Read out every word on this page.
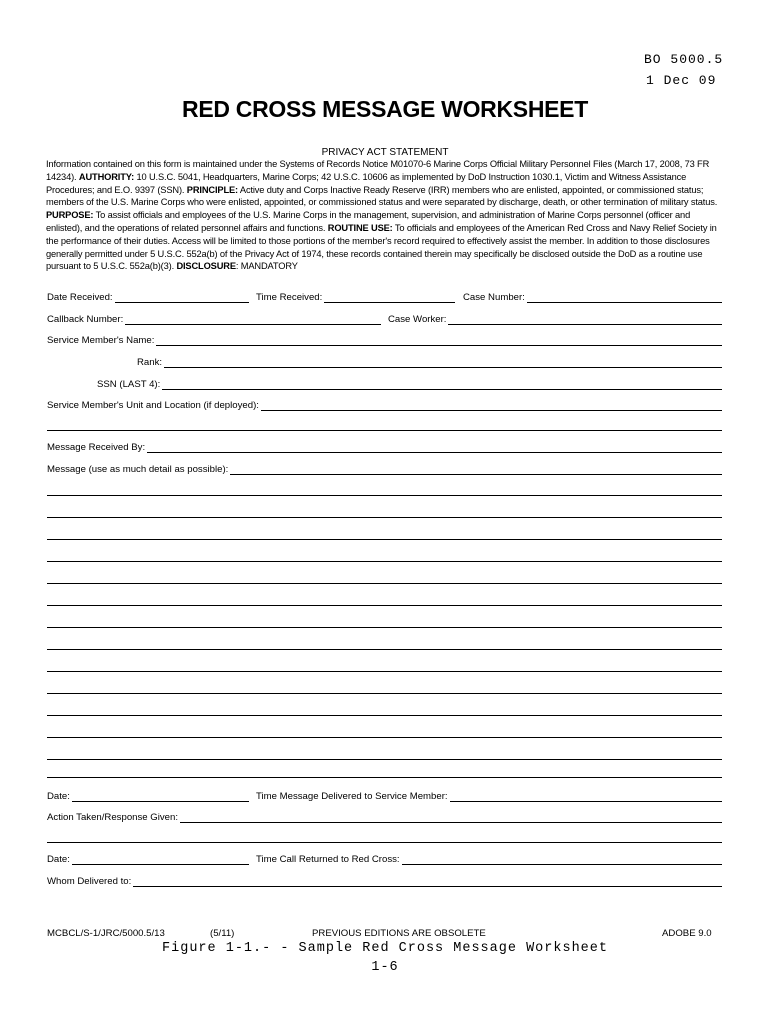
BO 5000.5
1 Dec 09
RED CROSS MESSAGE WORKSHEET
PRIVACY ACT STATEMENT
Information contained on this form is maintained under the Systems of Records Notice M01070-6 Marine Corps Official Military Personnel Files (March 17, 2008, 73 FR 14234). AUTHORITY: 10 U.S.C. 5041, Headquarters, Marine Corps; 42 U.S.C. 10606 as implemented by DoD Instruction 1030.1, Victim and Witness Assistance Procedures; and E.O. 9397 (SSN). PRINCIPLE: Active duty and Corps Inactive Ready Reserve (IRR) members who are enlisted, appointed, or commissioned status; members of the U.S. Marine Corps who were enlisted, appointed, or commissioned status and were separated by discharge, death, or other termination of military status. PURPOSE: To assist officials and employees of the U.S. Marine Corps in the management, supervision, and administration of Marine Corps personnel (officer and enlisted), and the operations of related personnel affairs and functions. ROUTINE USE: To officials and employees of the American Red Cross and Navy Relief Society in the performance of their duties. Access will be limited to those portions of the member's record required to effectively assist the member. In addition to those disclosures generally permitted under 5 U.S.C. 552a(b) of the Privacy Act of 1974, these records contained therein may specifically be disclosed outside the DoD as a routine use pursuant to 5 U.S.C. 552a(b)(3). DISCLOSURE: MANDATORY
Date Received:	Time Received:	Case Number:
Callback Number:	Case Worker:
Service Member's Name:
Rank:
SSN (LAST 4):
Service Member's Unit and Location (if deployed):
Message Received By:
Message (use as much detail as possible):
Date:	Time Message Delivered to Service Member:
Action Taken/Response Given:
Date:	Time Call Returned to Red Cross:
Whom Delivered to:
MCBCL/S-1/JRC/5000.5/13	(5/11)	PREVIOUS EDITIONS ARE OBSOLETE	ADOBE 9.0
Figure 1-1.- - Sample Red Cross Message Worksheet
1-6
